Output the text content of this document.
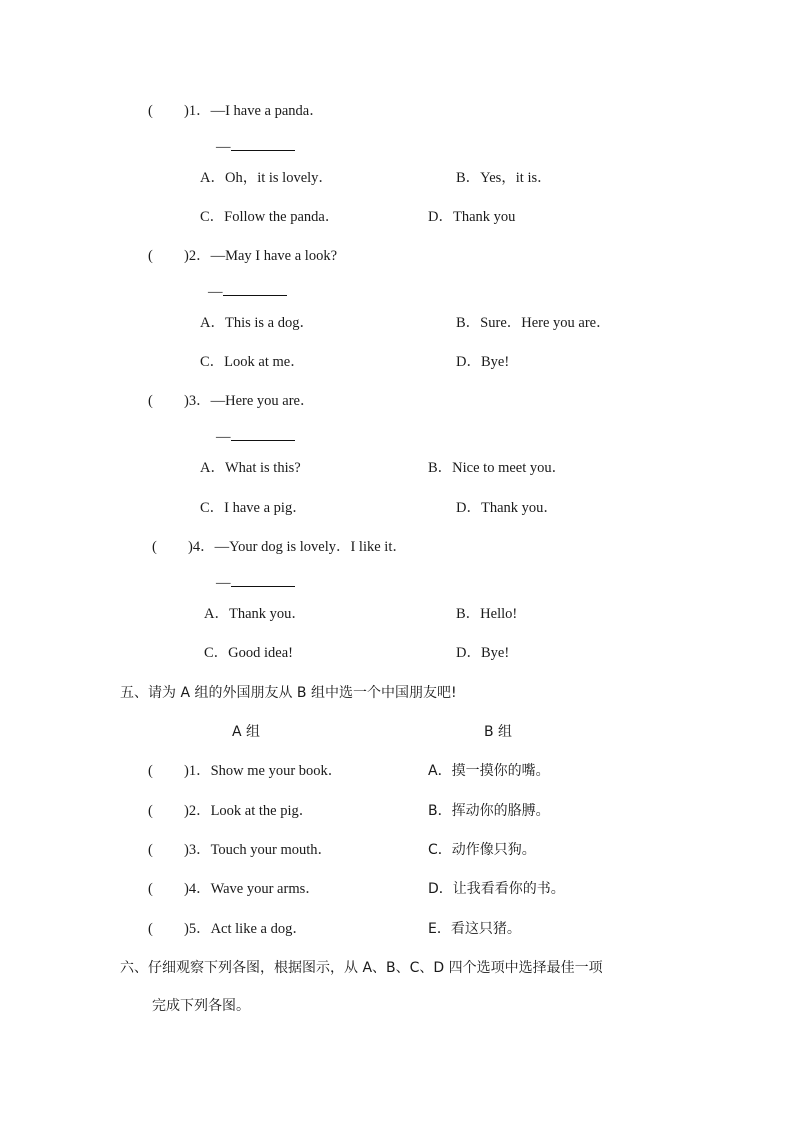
( )1．—I have a panda．
—
A．Oh，it is lovely．	B．Yes，it is．
C．Follow the panda．	D．Thank you
( )2．—May I have a look?
—
A．This is a dog．	B．Sure．Here you are．
C．Look at me．	D．Bye!
( )3．—Here you are．
—
A．What is this?	B．Nice to meet you．
C．I have a pig．	D．Thank you．
( )4．—Your dog is lovely．I like it．
—
A．Thank you．	B．Hello!
C．Good idea!	D．Bye!
五、请为 A 组的外国朋友从 B 组中选一个中国朋友吧!
A 组	B 组
( )1．Show me your book．	A．摸一摸你的嘴。
( )2．Look at the pig．	B．挥动你的胳膊。
( )3．Touch your mouth．	C．动作像只狗。
( )4．Wave your arms．	D．让我看看你的书。
( )5．Act like a dog．	E．看这只猪。
六、仔细观察下列各图，根据图示，从 A、B、C、D 四个选项中选择最佳一项
完成下列各图。
